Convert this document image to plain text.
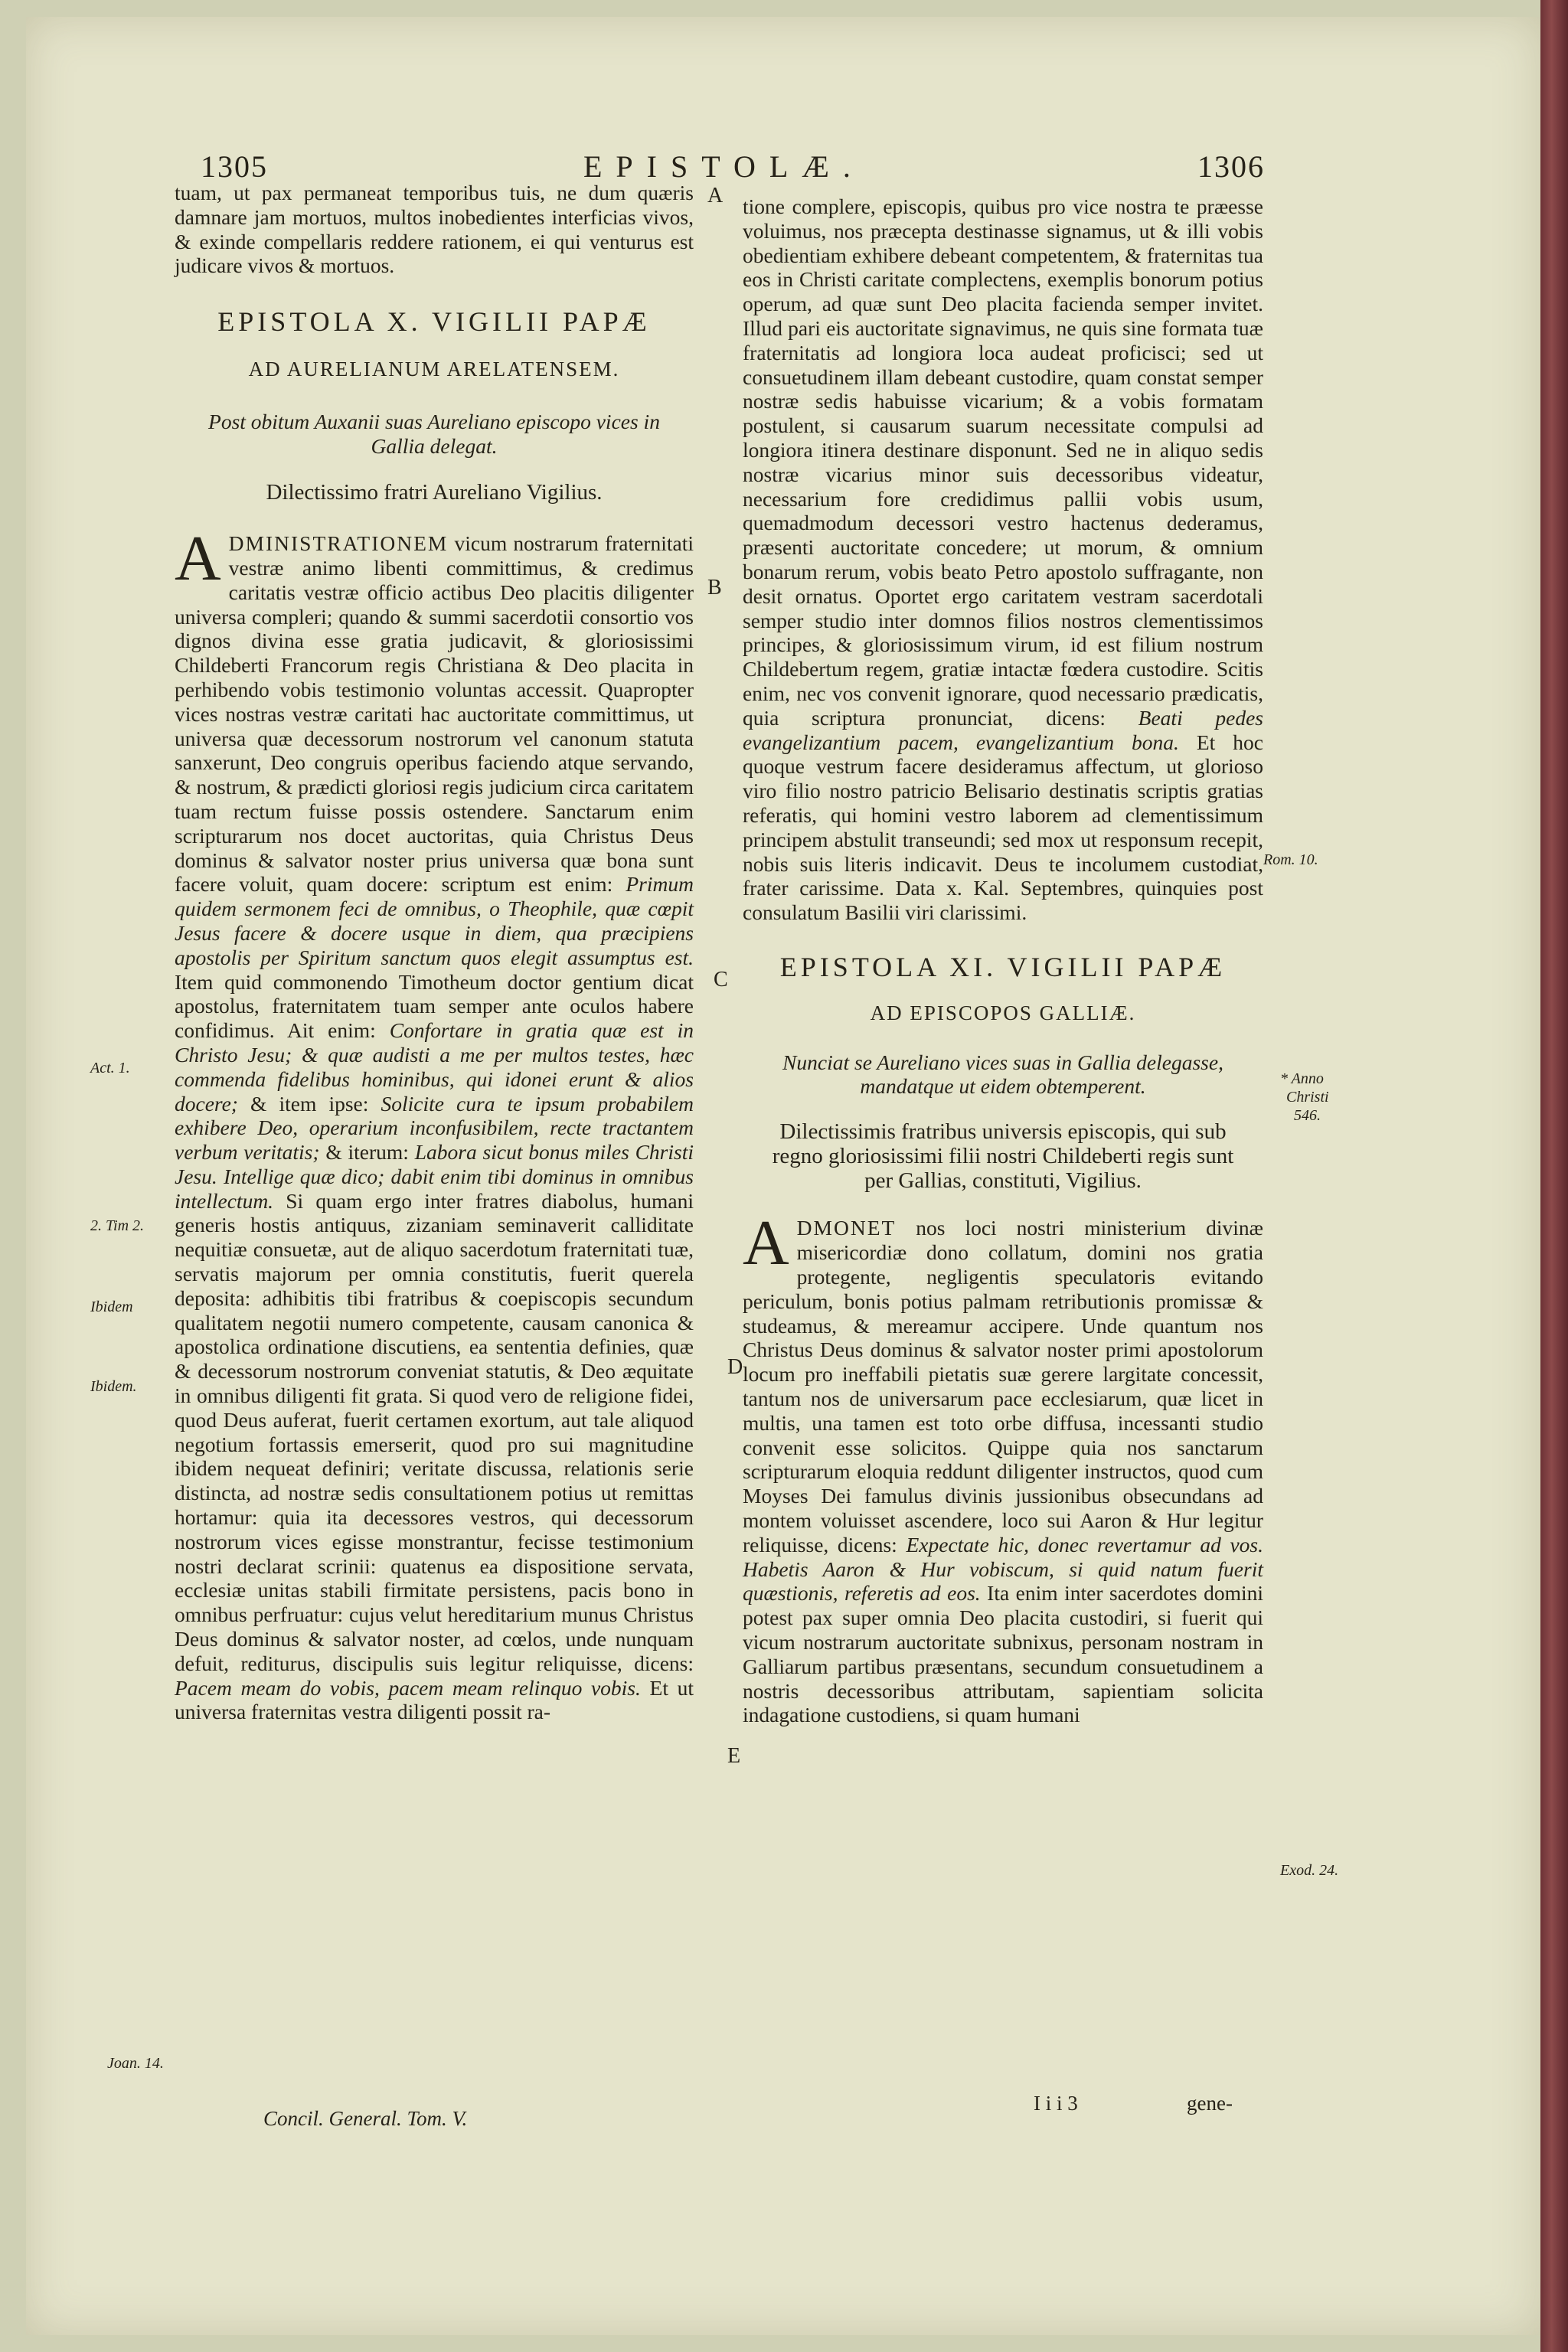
1305	EPISTOLÆ.	1306

tuam, ut pax permaneat temporibus tuis, ne dum quæris damnare jam mortuos, multos inobedientes interficias vivos, & exinde compellaris reddere rationem, ei qui venturus est judicare vivos & mortuos.

EPISTOLA X. VIGILII PAPÆ

AD AURELIANUM ARELATENSEM.

Post obitum Auxanii suas Aureliano episcopo vices in Gallia delegat.

Dilectissimo fratri Aureliano Vigilius.

ADMINISTRATIONEM vicum nostrarum fraternitati vestræ animo libenti committimus, & credimus caritatis vestræ officio actibus Deo placitis diligenter universa compleri; quando & summi sacerdotii consortio vos dignos divina esse gratia judicavit, & gloriosissimi Childeberti Francorum regis Christiana & Deo placita in perhibendo vobis testimonio voluntas accessit. Quapropter vices nostras vestræ caritati hac auctoritate committimus, ut universa quæ decessorum nostrorum vel canonum statuta sanxerunt, Deo congruis operibus faciendo atque servando, & nostrum, & prædicti gloriosi regis judicium circa caritatem tuam rectum fuisse possis ostendere. Sanctarum enim scripturarum nos docet auctoritas, quia Christus Deus dominus & salvator noster prius universa quæ bona sunt facere voluit, quam docere: scriptum est enim: Primum quidem sermonem feci de omnibus, o Theophile, quæ cœpit Jesus facere & docere usque in diem, qua præcipiens apostolis per Spiritum sanctum quos elegit assumptus est. Item quid commonendo Timotheum doctor gentium dicat apostolus, fraternitatem tuam semper ante oculos habere confidimus. Ait enim: Confortare in gratia quæ est in Christo Jesu; & quæ audisti a me per multos testes, hæc commenda fidelibus hominibus, qui idonei erunt & alios docere; & item ipse: Solicite cura te ipsum probabilem exhibere Deo, operarium inconfusibilem, recte tractantem verbum veritatis; & iterum: Labora sicut bonus miles Christi Jesu. Intellige quæ dico; dabit enim tibi dominus in omnibus intellectum. Si quam ergo inter fratres diabolus, humani generis hostis antiquus, zizaniam seminaverit calliditate nequitiæ consuetæ, aut de aliquo sacerdotum fraternitati tuæ, servatis majorum per omnia constitutis, fuerit querela deposita: adhibitis tibi fratribus & coepiscopis secundum qualitatem negotii numero competente, causam canonica & apostolica ordinatione discutiens, ea sententia definies, quæ & decessorum nostrorum conveniat statutis, & Deo æquitate in omnibus diligenti fit grata. Si quod vero de religione fidei, quod Deus auferat, fuerit certamen exortum, aut tale aliquod negotium fortassis emerserit, quod pro sui magnitudine ibidem nequeat definiri; veritate discussa, relationis serie distincta, ad nostræ sedis consultationem potius ut remittas hortamur: quia ita decessores vestros, qui decessorum nostrorum vices egisse monstrantur, fecisse testimonium nostri declarat scrinii: quatenus ea dispositione servata, ecclesiæ unitas stabili firmitate persistens, pacis bono in omnibus perfruatur: cujus velut hereditarium munus Christus Deus dominus & salvator noster, ad cœlos, unde nunquam defuit, rediturus, discipulis suis legitur reliquisse, dicens: Pacem meam do vobis, pacem meam relinquo vobis. Et ut universa fraternitas vestra diligenti possit ra-

tione complere, episcopis, quibus pro vice nostra te præesse voluimus, nos præcepta destinasse signamus, ut & illi vobis obedientiam exhibere debeant competentem, & fraternitas tua eos in Christi caritate complectens, exemplis bonorum potius operum, ad quæ sunt Deo placita facienda semper invitet. Illud pari eis auctoritate signavimus, ne quis sine formata tuæ fraternitatis ad longiora loca audeat proficisci; sed ut consuetudinem illam debeant custodire, quam constat semper nostræ sedis habuisse vicarium; & a vobis formatam postulent, si causarum suarum necessitate compulsi ad longiora itinera destinare disponunt. Sed ne in aliquo sedis nostræ vicarius minor suis decessoribus videatur, necessarium fore credidimus pallii vobis usum, quemadmodum decessori vestro hactenus dederamus, præsenti auctoritate concedere; ut morum, & omnium bonarum rerum, vobis beato Petro apostolo suffragante, non desit ornatus. Oportet ergo caritatem vestram sacerdotali semper studio inter domnos filios nostros clementissimos principes, & gloriosissimum virum, id est filium nostrum Childebertum regem, gratiæ intactæ fœdera custodire. Scitis enim, nec vos convenit ignorare, quod necessario prædicatis, quia scriptura pronunciat, dicens: Beati pedes evangelizantium pacem, evangelizantium bona. Et hoc quoque vestrum facere desideramus affectum, ut glorioso viro filio nostro patricio Belisario destinatis scriptis gratias referatis, qui homini vestro laborem ad clementissimum principem abstulit transeundi; sed mox ut responsum recepit, nobis suis literis indicavit. Deus te incolumem custodiat, frater carissime. Data x. Kal. Septembres, quinquies post consulatum Basilii viri clarissimi.

EPISTOLA XI. VIGILII PAPÆ

AD EPISCOPOS GALLIÆ.

Nunciat se Aureliano vices suas in Gallia delegasse, mandatque ut eidem obtemperent.

Dilectissimis fratribus universis episcopis, qui sub regno gloriosissimi filii nostri Childeberti regis sunt per Gallias, constituti, Vigilius.

ADMONET nos loci nostri ministerium divinæ misericordiæ dono collatum, domini nos gratia protegente, negligentis speculatoris evitando periculum, bonis potius palmam retributionis promissæ & studeamus, & mereamur accipere. Unde quantum nos Christus Deus dominus & salvator noster primi apostolorum locum pro ineffabili pietatis suæ gerere largitate concessit, tantum nos de universarum pace ecclesiarum, quæ licet in multis, una tamen est toto orbe diffusa, incessanti studio convenit esse solicitos. Quippe quia nos sanctarum scripturarum eloquia reddunt diligenter instructos, quod cum Moyses Dei famulus divinis jussionibus obsecundans ad montem voluisset ascendere, loco sui Aaron & Hur legitur reliquisse, dicens: Expectate hic, donec revertamur ad vos. Habetis Aaron & Hur vobiscum, si quid natum fuerit quæstionis, referetis ad eos. Ita enim inter sacerdotes domini potest pax super omnia Deo placita custodiri, si fuerit qui vicum nostrarum auctoritate subnixus, personam nostram in Galliarum partibus præsentans, secundum consuetudinem a nostris decessoribus attributam, sapientiam solicita indagatione custodiens, si quam humani

A
B
C
D
E
Act. 1.
2. Tim 2.
Ibidem
Ibidem.
Joan. 14.
Rom. 10.
* Anno
Christi
546.
Exod. 24.
Concil. General. Tom. V.
I i i 3	gene-
